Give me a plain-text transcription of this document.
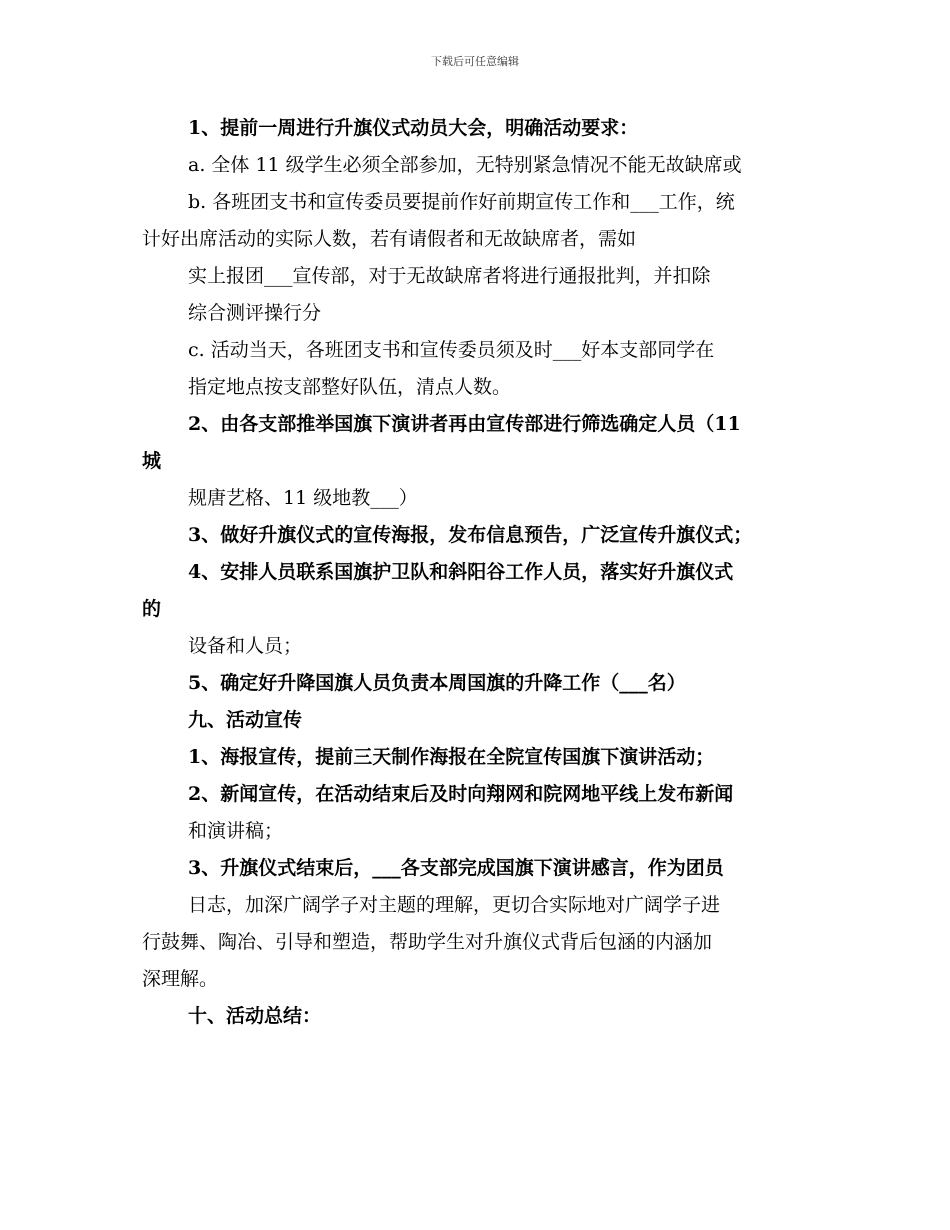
下载后可任意编辑
1、提前一周进行升旗仪式动员大会，明确活动要求：
a. 全体 11 级学生必须全部参加，无特别紧急情况不能无故缺席或
b. 各班团支书和宣传委员要提前作好前期宣传工作和___工作，统
计好出席活动的实际人数，若有请假者和无故缺席者，需如
实上报团___宣传部，对于无故缺席者将进行通报批判，并扣除
综合测评操行分
c. 活动当天，各班团支书和宣传委员须及时___好本支部同学在
指定地点按支部整好队伍，清点人数。
2、由各支部推举国旗下演讲者再由宣传部进行筛选确定人员（11
城
规唐艺格、11 级地教___）
3、做好升旗仪式的宣传海报，发布信息预告，广泛宣传升旗仪式；
4、安排人员联系国旗护卫队和斜阳谷工作人员，落实好升旗仪式
的
设备和人员；
5、确定好升降国旗人员负责本周国旗的升降工作（___名）
九、活动宣传
1、海报宣传，提前三天制作海报在全院宣传国旗下演讲活动；
2、新闻宣传，在活动结束后及时向翔网和院网地平线上发布新闻
和演讲稿；
3、升旗仪式结束后，___各支部完成国旗下演讲感言，作为团员
日志，加深广阔学子对主题的理解，更切合实际地对广阔学子进
行鼓舞、陶冶、引导和塑造，帮助学生对升旗仪式背后包涵的内涵加
深理解。
十、活动总结：
